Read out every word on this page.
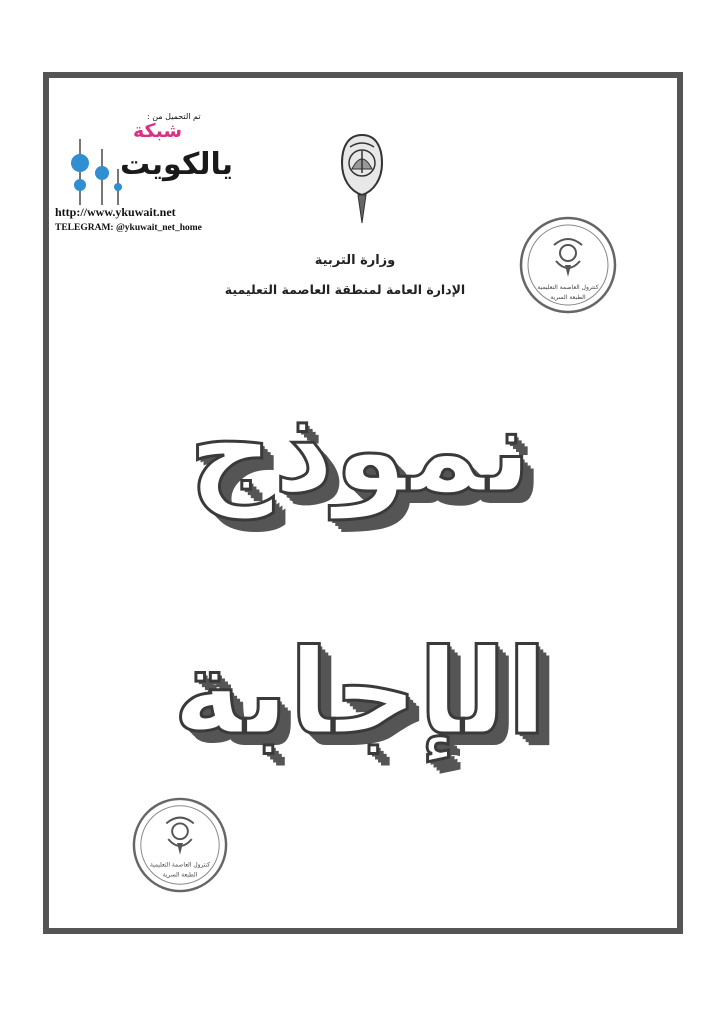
تم التحميل من :
شبكة
يالكويت
http://www.ykuwait.net
TELEGRAM: @ykuwait_net_home
وزارة التربية
الإدارة العامة لمنطقة العاصمة التعليمية	كنترول العاصمة التعليمية
الطبعة السرية
نموذج
الإجابة
كنترول العاصمة التعليمية
الطبعة السرية
